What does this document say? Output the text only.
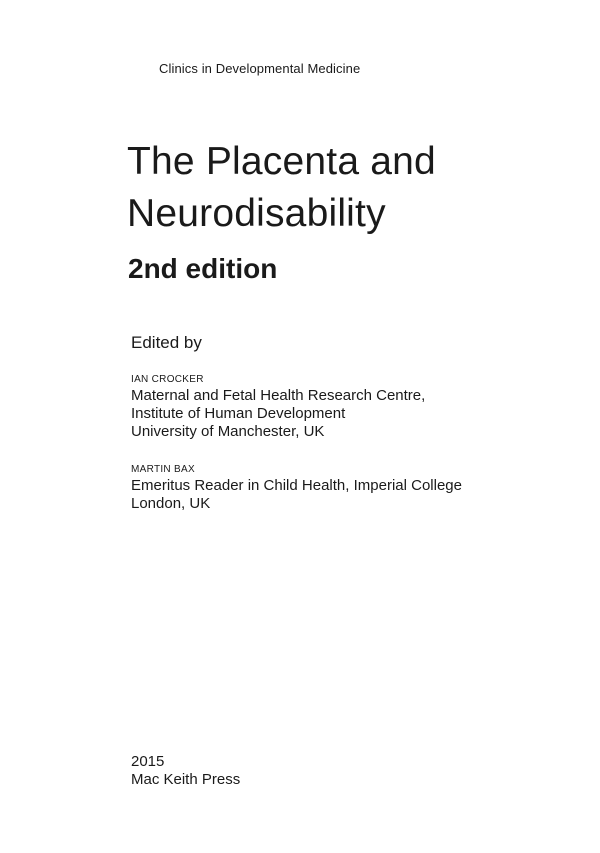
Clinics in Developmental Medicine
The Placenta and
Neurodisability
2nd edition
Edited by
IAN CROCKER
Maternal and Fetal Health Research Centre,
Institute of Human Development
University of Manchester, UK
MARTIN BAX
Emeritus Reader in Child Health, Imperial College
London, UK
2015
Mac Keith Press
